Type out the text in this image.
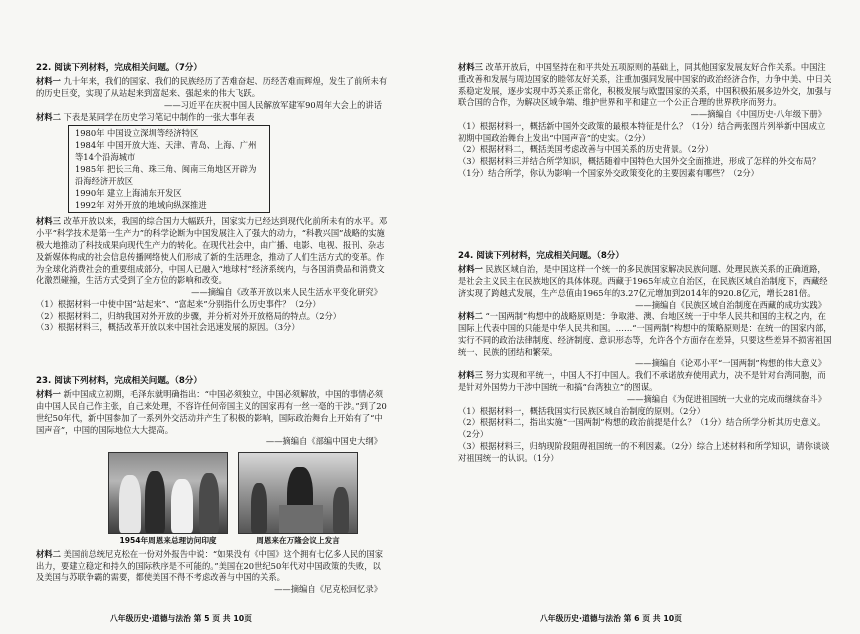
22. 阅读下列材料，完成相关问题。（7分）

材料一 九十年来，我们的国家、我们的民族经历了苦难奋起、历经苦难而辉煌，发生了前所未有的历史巨变，实现了从站起来到富起来、强起来的伟大飞跃。

——习近平在庆祝中国人民解放军建军90周年大会上的讲话

材料二 下表是某同学在历史学习笔记中制作的一张大事年表

1980年 中国设立深圳等经济特区
1984年 中国开放大连、天津、青岛、上海、广州等14个沿海城市
1985年 把长三角、珠三角、闽南三角地区开辟为沿海经济开放区
1990年 建立上海浦东开发区
1992年 对外开放的地域向纵深推进

材料三 改革开放以来，我国的综合国力大幅跃升，国家实力已经达到现代化前所未有的水平。邓小平“科学技术是第一生产力”的科学论断为中国发展注入了强大的动力，“科教兴国”战略的实施极大地推动了科技成果向现代生产力的转化。在现代社会中，由广播、电影、电视、报刊、杂志及新媒体构成的社会信息传播网络使人们形成了新的生活理念，推动了人们生活方式的变革。作为全球化消费社会的重要组成部分，中国人已融入“地球村”经济系统内，与各国消费品和消费文化激烈碰撞，生活方式受到了全方位的影响和改变。

——摘编自《改革开放以来人民生活水平变化研究》
（1）根据材料一中使中国“站起来”、“富起来”分别指什么历史事件？（2分）
（2）根据材料二，归纳我国对外开放的步骤，并分析对外开放格局的特点。（2分）
（3）根据材料三，概括改革开放以来中国社会迅速发展的原因。（3分）
23. 阅读下列材料，完成相关问题。（8分）

材料一 新中国成立初期，毛泽东就明确指出：“中国必须独立，中国必须解放，中国的事情必须由中国人民自己作主张，自己来处理，不容许任何帝国主义的国家再有一丝一毫的干涉。”到了20世纪50年代，新中国参加了一系列外交活动并产生了积极的影响，国际政治舞台上开始有了“中国声音”，中国的国际地位大大提高。

——摘编自《部编中国史大纲》
1954年周恩来总理访问印度	周恩来在万隆会议上发言

材料二 美国前总统尼克松在一份对外报告中说：“如果没有《中国》这个拥有七亿多人民的国家出力，要建立稳定和持久的国际秩序是不可能的。”美国在20世纪50年代对中国政策的失败，以及美国与苏联争霸的需要，都使美国不得不考虑改善与中国的关系。

——摘编自《尼克松回忆录》
八年级历史·道德与法治 第 5 页 共 10页

材料三 改革开放后，中国坚持在和平共处五项原则的基础上，同其他国家发展友好合作关系。中国注重改善和发展与周边国家的睦邻友好关系，注重加强同发展中国家的政治经济合作，力争中美、中日关系稳定发展，逐步实现中苏关系正常化，积极发展与欧盟国家的关系，中国积极拓展多边外交，加强与联合国的合作，为解决区域争端、维护世界和平和建立一个公正合理的世界秩序而努力。

——摘编自《中国历史·八年级下册》
（1）根据材料一，概括新中国外交政策的最根本特征是什么？（1分）结合两张图片列举新中国成立初期中国政治舞台上发出“中国声音”的史实。（2分）
（2）根据材料二，概括美国考虑改善与中国关系的历史背景。（2分）
（3）根据材料三并结合所学知识，概括随着中国特色大国外交全面推进，形成了怎样的外交布局？（1分）结合所学，你认为影响一个国家外交政策变化的主要因素有哪些？（2分）
24. 阅读下列材料，完成相关问题。（8分）

材料一 民族区域自治，是中国这样一个统一的多民族国家解决民族问题、处理民族关系的正确道路，是社会主义民主在民族地区的具体体现。西藏于1965年成立自治区，在民族区域自治制度下，西藏经济实现了跨越式发展，生产总值由1965年的3.27亿元增加到2014年的920.8亿元，增长281倍。

——摘编自《民族区域自治制度在西藏的成功实践》

材料二 “一国两制”构想中的战略原则是：争取港、澳、台地区统一于中华人民共和国的主权之内，在国际上代表中国的只能是中华人民共和国。……“一国两制”构想中的策略原则是：在统一的国家内部，实行不同的政治法律制度、经济制度、意识形态等，允许各个方面存在差异，只要这些差异不损害祖国统一、民族的团结和繁荣。

——摘编自《论邓小平“一国两制”构想的伟大意义》

材料三 努力实现和平统一，中国人不打中国人。我们不承诺放弃使用武力，决不是针对台湾同胞，而是针对外国势力干涉中国统一和搞“台湾独立”的图谋。

——摘编自《为促进祖国统一大业的完成而继续奋斗》
（1）根据材料一，概括我国实行民族区域自治制度的原则。（2分）
（2）根据材料二，指出实施“一国两制”构想的政治前提是什么？（1分）结合所学分析其历史意义。（2分）
（3）根据材料三，归纳现阶段阻碍祖国统一的不利因素。（2分）综合上述材料和所学知识，请你谈谈对祖国统一的认识。（1分）
八年级历史·道德与法治 第 6 页 共 10页
